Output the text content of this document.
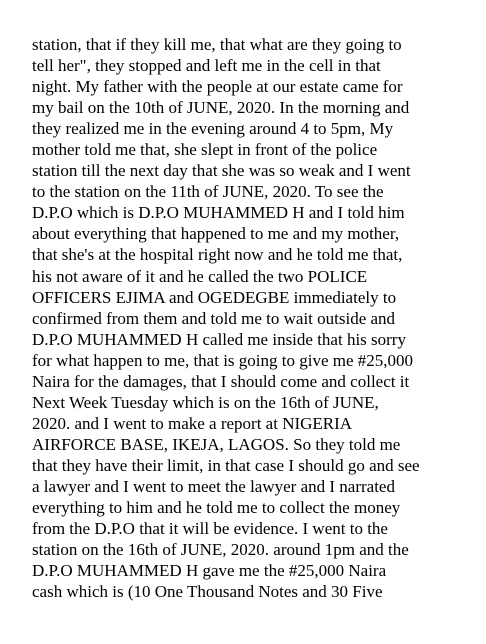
station, that if they kill me, that what are they going to
tell her", they stopped and left me in the cell in that
night. My father with the people at our estate came for
my bail on the 10th of JUNE, 2020. In the morning and
they realized me in the evening around 4 to 5pm, My
mother told me that, she slept in front of the police
station till the next day that she was so weak and I went
to the station on the 11th of JUNE, 2020. To see the
D.P.O which is D.P.O MUHAMMED H and I told him
about everything that happened to me and my mother,
that she's at the hospital right now and he told me that,
his not aware of it and he called the two POLICE
OFFICERS EJIMA and OGEDEGBE immediately to
confirmed from them and told me to wait outside and
D.P.O MUHAMMED H called me inside that his sorry
for what happen to me, that is going to give me #25,000
Naira for the damages, that I should come and collect it
Next Week Tuesday which is on the 16th of JUNE,
2020. and I went to make a report at NIGERIA
AIRFORCE BASE, IKEJA, LAGOS. So they told me
that they have their limit, in that case I should go and see
a lawyer and I went to meet the lawyer and I narrated
everything to him and he told me to collect the money
from the D.P.O that it will be evidence. I went to the
station on the 16th of JUNE, 2020. around 1pm and the
D.P.O MUHAMMED H gave me the #25,000 Naira
cash which is (10 One Thousand Notes and 30 Five
